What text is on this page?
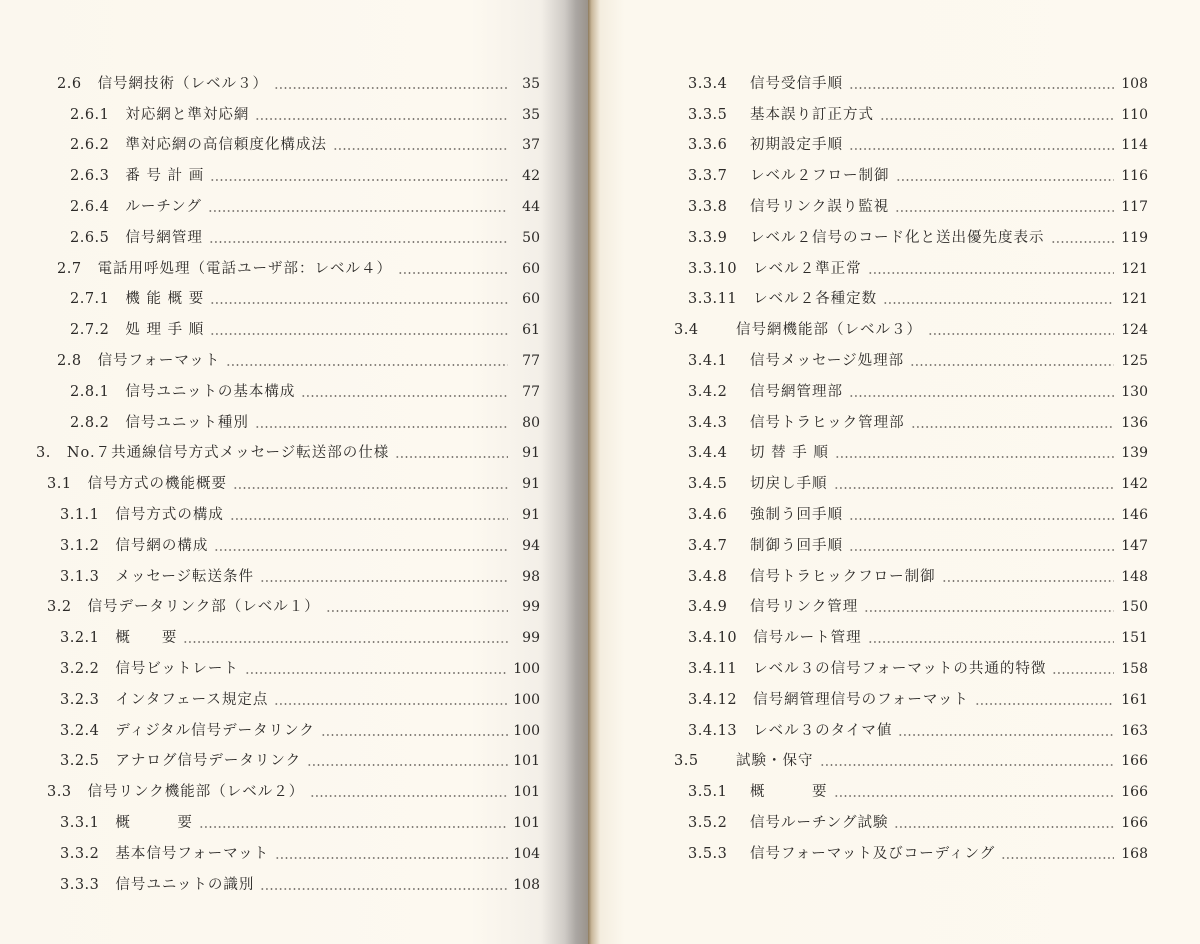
2.6	信号網技術（レベル３）	35
2.6.1	対応網と準対応網	35
2.6.2	準対応網の高信頼度化構成法	37
2.6.3	番 号 計 画	42
2.6.4	ルーチング	44
2.6.5	信号網管理	50
2.7	電話用呼処理（電話ユーザ部：レベル４）	60
2.7.1	機 能 概 要	60
2.7.2	処 理 手 順	61
2.8	信号フォーマット	77
2.8.1	信号ユニットの基本構成	77
2.8.2	信号ユニット種別	80
3.	No.７共通線信号方式メッセージ転送部の仕様	91
3.1	信号方式の機能概要	91
3.1.1	信号方式の構成	91
3.1.2	信号網の構成	94
3.1.3	メッセージ転送条件	98
3.2	信号データリンク部（レベル１）	99
3.2.1	概　　要	99
3.2.2	信号ビットレート	100
3.2.3	インタフェース規定点	100
3.2.4	ディジタル信号データリンク	100
3.2.5	アナログ信号データリンク	101
3.3	信号リンク機能部（レベル２）	101
3.3.1	概　　　要	101
3.3.2	基本信号フォーマット	104
3.3.3	信号ユニットの識別	108
3.3.4	信号受信手順	108
3.3.5	基本誤り訂正方式	110
3.3.6	初期設定手順	114
3.3.7	レベル２フロー制御	116
3.3.8	信号リンク誤り監視	117
3.3.9	レベル２信号のコード化と送出優先度表示	119
3.3.10	レベル２準正常	121
3.3.11	レベル２各種定数	121
3.4	信号網機能部（レベル３）	124
3.4.1	信号メッセージ処理部	125
3.4.2	信号網管理部	130
3.4.3	信号トラヒック管理部	136
3.4.4	切 替 手 順	139
3.4.5	切戻し手順	142
3.4.6	強制う回手順	146
3.4.7	制御う回手順	147
3.4.8	信号トラヒックフロー制御	148
3.4.9	信号リンク管理	150
3.4.10	信号ルート管理	151
3.4.11	レベル３の信号フォーマットの共通的特徴	158
3.4.12	信号網管理信号のフォーマット	161
3.4.13	レベル３のタイマ値	163
3.5	試験・保守	166
3.5.1	概　　　要	166
3.5.2	信号ルーチング試験	166
3.5.3	信号フォーマット及びコーディング	168
